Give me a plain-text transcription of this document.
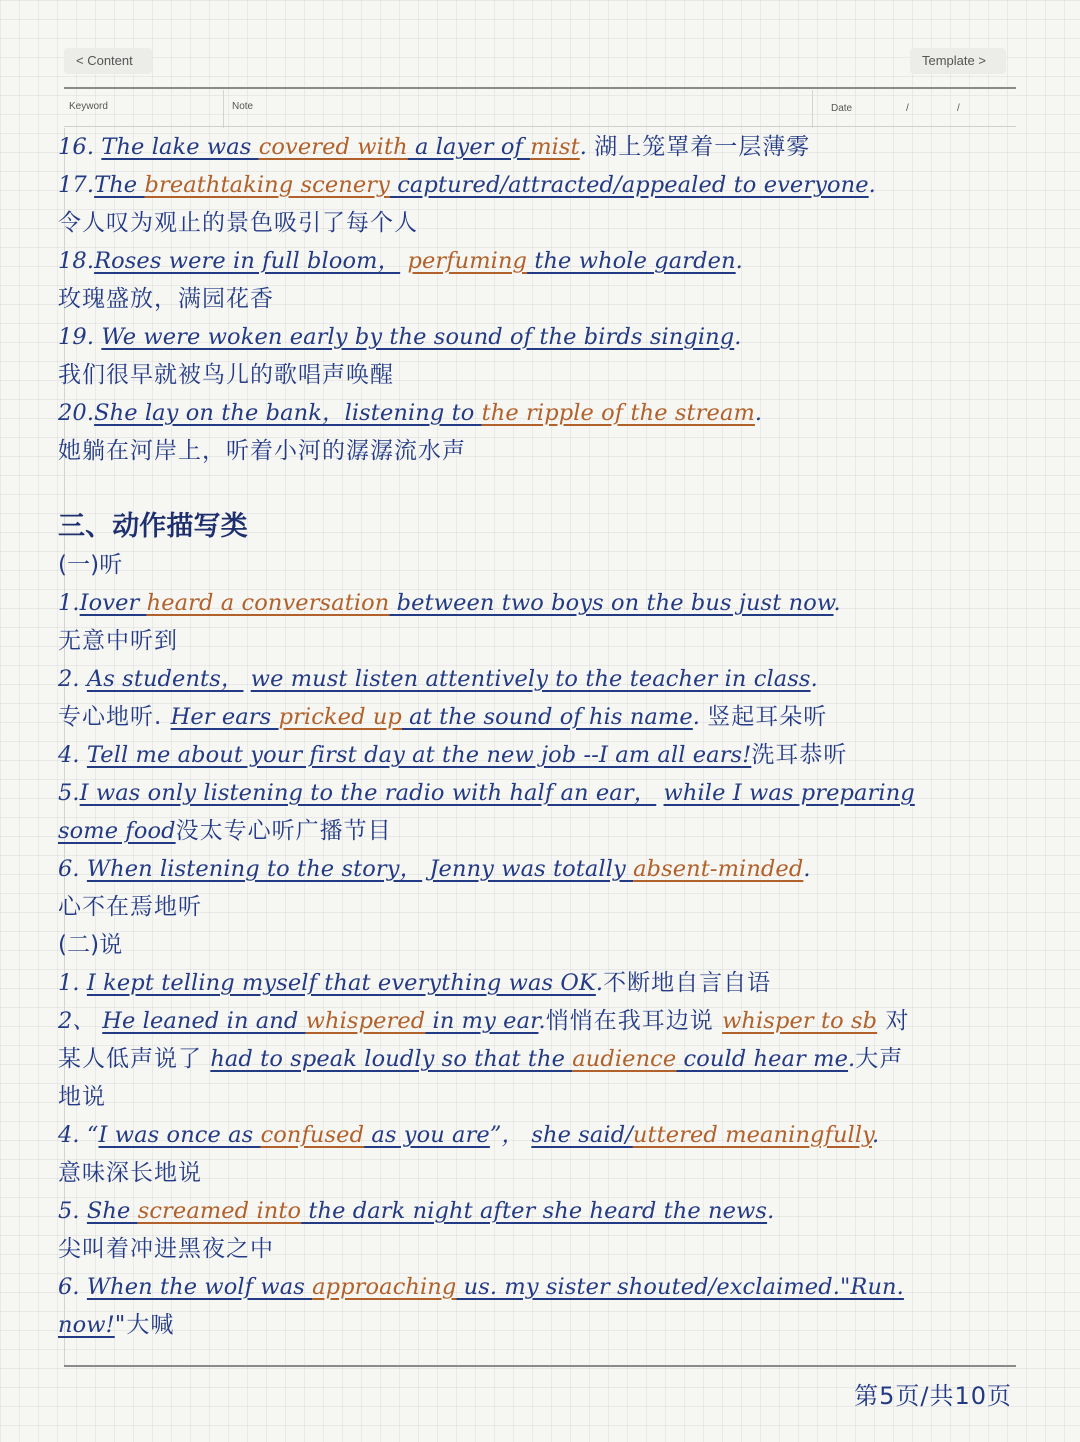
< Content	Template >
Keyword	Note	Date	/	/
16. The lake was covered with a layer of mist. 湖上笼罩着一层薄雾
17.The breathtaking scenery captured/attracted/appealed to everyone.
令人叹为观止的景色吸引了每个人
18.Roses were in full bloom， perfuming the whole garden.
玫瑰盛放，满园花香
19. We were woken early by the sound of the birds singing.
我们很早就被鸟儿的歌唱声唤醒
20.She lay on the bank，listening to the ripple of the stream.
她躺在河岸上，听着小河的潺潺流水声
三、动作描写类
(一)听
1.Iover heard a conversation between two boys on the bus just now.
无意中听到
2. As students， we must listen attentively to the teacher in class.
专心地听. Her ears pricked up at the sound of his name. 竖起耳朵听
4. Tell me about your first day at the new job --I am all ears!洗耳恭听
5.I was only listening to the radio with half an ear， while I was preparing
some food没太专心听广播节目
6. When listening to the story， Jenny was totally absent-minded.
心不在焉地听
(二)说
1. I kept telling myself that everything was OK.不断地自言自语
2、 He leaned in and whispered in my ear.悄悄在我耳边说 whisper to sb 对
某人低声说了 had to speak loudly so that the audience could hear me.大声
地说
4. “I was once as confused as you are”， she said/uttered meaningfully.
意味深长地说
5. She screamed into the dark night after she heard the news.
尖叫着冲进黑夜之中
6. When the wolf was approaching us. my sister shouted/exclaimed."Run.
now!"大喊
第5页/共10页
